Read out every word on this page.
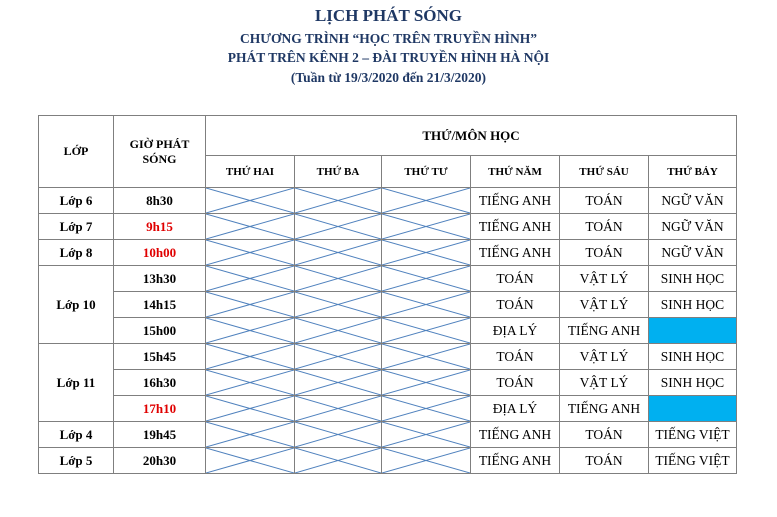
LỊCH PHÁT SÓNG
CHƯƠNG TRÌNH “HỌC TRÊN TRUYỀN HÌNH”
PHÁT TRÊN KÊNH 2 – ĐÀI TRUYỀN HÌNH HÀ NỘI
(Tuần từ 19/3/2020 đến 21/3/2020)
LỚP	GIỜ PHÁT SÓNG	THỨ/MÔN HỌC					
		THỨ HAI	THỨ BA	THỨ TƯ	THỨ NĂM	THỨ SÁU	THỨ BẢY
Lớp 6	8h30				TIẾNG ANH	TOÁN	NGỮ VĂN
Lớp 7	9h15				TIẾNG ANH	TOÁN	NGỮ VĂN
Lớp 8	10h00				TIẾNG ANH	TOÁN	NGỮ VĂN
Lớp 10	13h30				TOÁN	VẬT LÝ	SINH HỌC
	14h15				TOÁN	VẬT LÝ	SINH HỌC
	15h00				ĐỊA LÝ	TIẾNG ANH	
Lớp 11	15h45				TOÁN	VẬT LÝ	SINH HỌC
	16h30				TOÁN	VẬT LÝ	SINH HỌC
	17h10				ĐỊA LÝ	TIẾNG ANH	
Lớp 4	19h45				TIẾNG ANH	TOÁN	TIẾNG VIỆT
Lớp 5	20h30				TIẾNG ANH	TOÁN	TIẾNG VIỆT
